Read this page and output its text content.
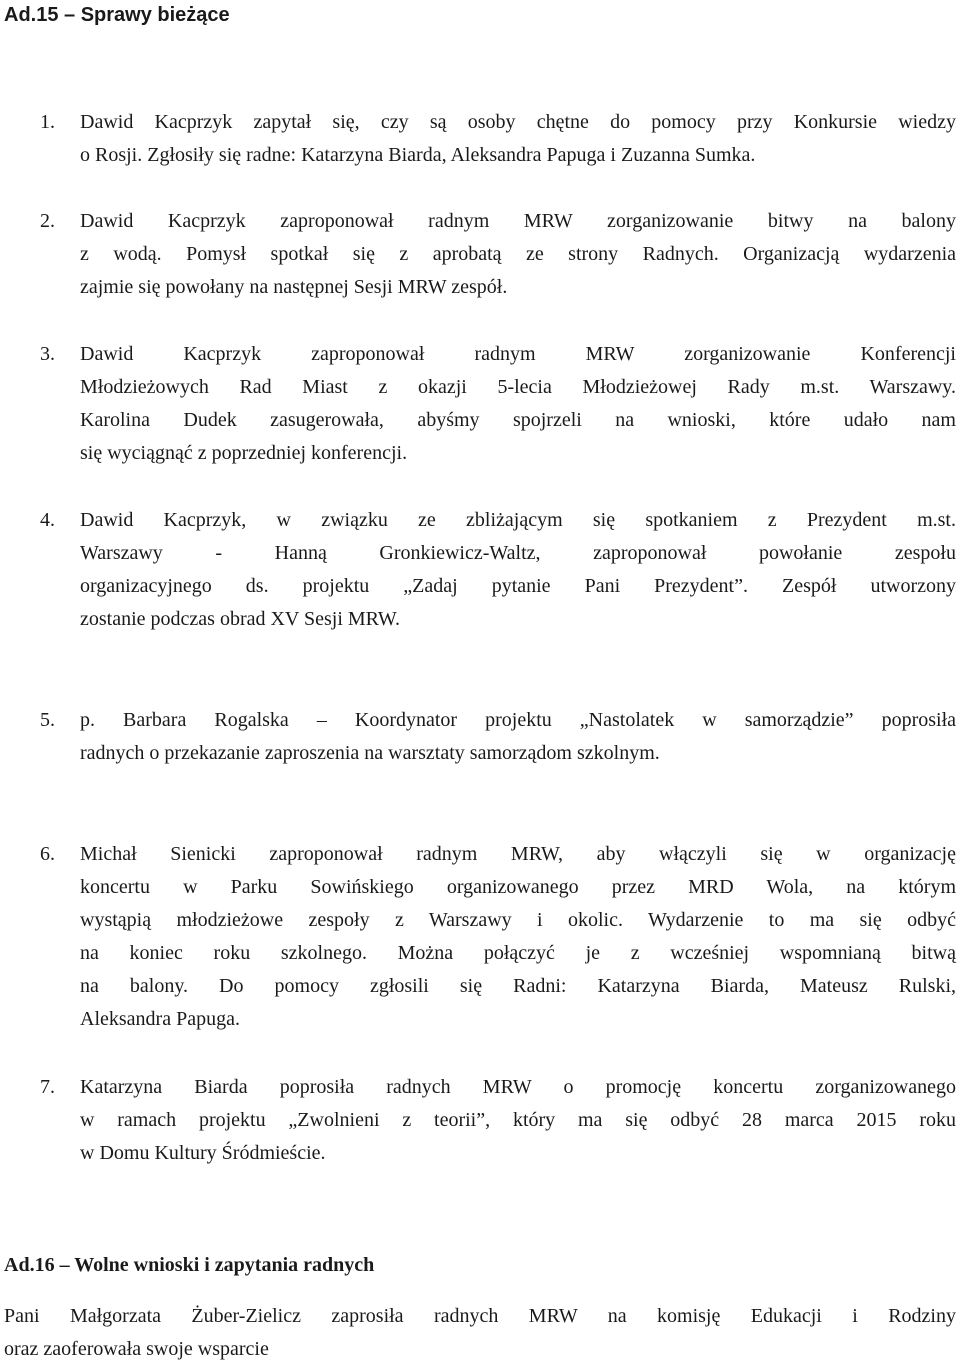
Ad.15 – Sprawy bieżące
1. Dawid Kacprzyk zapytał się, czy są osoby chętne do pomocy przy Konkursie wiedzy
o Rosji. Zgłosiły się radne: Katarzyna Biarda, Aleksandra Papuga i Zuzanna Sumka.
2. Dawid Kacprzyk zaproponował radnym MRW zorganizowanie bitwy na balony
z wodą. Pomysł spotkał się z aprobatą ze strony Radnych. Organizacją wydarzenia
zajmie się powołany na następnej Sesji MRW zespół.
3. Dawid Kacprzyk zaproponował radnym MRW zorganizowanie Konferencji
Młodzieżowych Rad Miast z okazji 5-lecia Młodzieżowej Rady m.st. Warszawy.
Karolina Dudek zasugerowała, abyśmy spojrzeli na wnioski, które udało nam
się wyciągnąć z poprzedniej konferencji.
4. Dawid Kacprzyk, w związku ze zbliżającym się spotkaniem z Prezydent m.st.
Warszawy - Hanną Gronkiewicz-Waltz, zaproponował powołanie zespołu
organizacyjnego ds. projektu „Zadaj pytanie Pani Prezydent”. Zespół utworzony
zostanie podczas obrad XV Sesji MRW.
5. p. Barbara Rogalska – Koordynator projektu „Nastolatek w samorządzie” poprosiła
radnych o przekazanie zaproszenia na warsztaty samorządom szkolnym.
6. Michał Sienicki zaproponował radnym MRW, aby włączyli się w organizację
koncertu w Parku Sowińskiego organizowanego przez MRD Wola, na którym
wystąpią młodzieżowe zespoły z Warszawy i okolic. Wydarzenie to ma się odbyć
na koniec roku szkolnego. Można połączyć je z wcześniej wspomnianą bitwą
na balony. Do pomocy zgłosili się Radni: Katarzyna Biarda, Mateusz Rulski,
Aleksandra Papuga.
7. Katarzyna Biarda poprosiła radnych MRW o promocję koncertu zorganizowanego
w ramach projektu „Zwolnieni z teorii”, który ma się odbyć 28 marca 2015 roku
w Domu Kultury Śródmieście.
Ad.16 – Wolne wnioski i zapytania radnych
Pani Małgorzata Żuber-Zielicz zaprosiła radnych MRW na komisję Edukacji i Rodziny
oraz zaoferowała swoje wsparcie
